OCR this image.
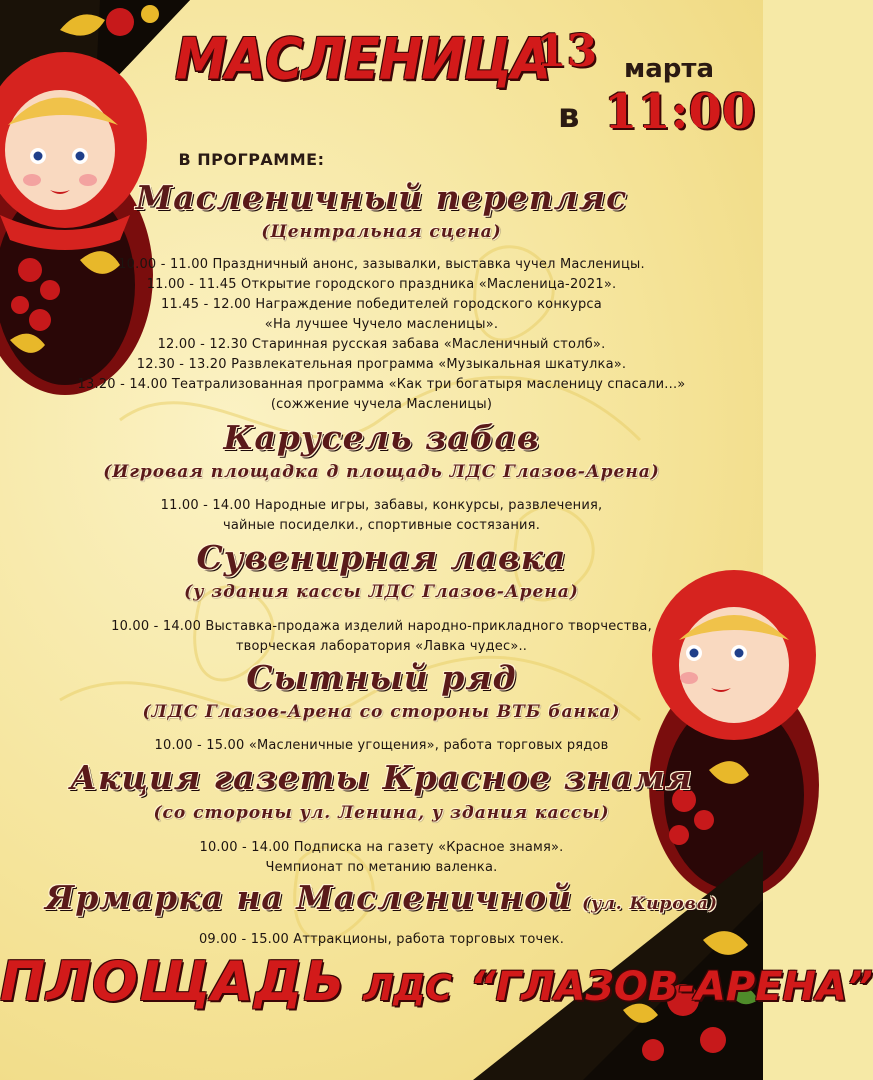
МАСЛЕНИЦА
13 марта
в 11:00
В ПРОГРАММЕ:
Масленичный перепляс
(Центральная сцена)
10.00 - 11.00 Праздничный анонс, зазывалки, выставка чучел Масленицы.
11.00 - 11.45 Открытие городского праздника «Масленица-2021».
11.45 - 12.00 Награждение победителей городского конкурса
«На лучшее Чучело масленицы».
12.00 - 12.30 Старинная русская забава «Масленичный столб».
12.30 - 13.20 Развлекательная программа «Музыкальная шкатулка».
13.20 - 14.00 Театрализованная программа «Как три богатыря масленицу спасали...»
(сожжение чучела Масленицы)
Карусель забав
(Игровая площадка д площадь ЛДС Глазов-Арена)
11.00 - 14.00 Народные игры, забавы, конкурсы, развлечения,
чайные посиделки., спортивные состязания.
Сувенирная лавка
(у здания кассы ЛДС Глазов-Арена)
10.00 - 14.00 Выставка-продажа изделий народно-прикладного творчества,
творческая лаборатория «Лавка чудес»..
Сытный ряд
(ЛДС Глазов-Арена со стороны ВТБ банка)
10.00 - 15.00 «Масленичные угощения», работа торговых рядов
Акция газеты Красное знамя
(со стороны ул. Ленина, у здания кассы)
10.00 - 14.00 Подписка на газету «Красное знамя».
Чемпионат по метанию валенка.
Ярмарка на Масленичной (ул. Кирова)
09.00 - 15.00 Аттракционы, работа торговых точек.
ПЛОЩАДЬ ЛДС “ГЛАЗОВ-АРЕНА”
